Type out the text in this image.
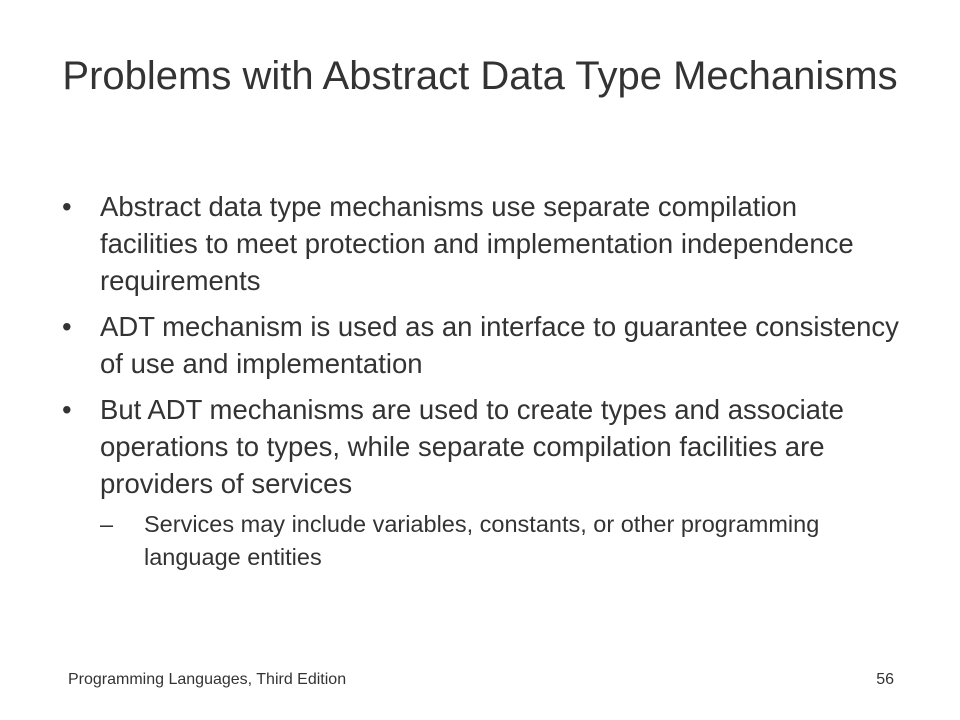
Problems with Abstract Data Type Mechanisms
• Abstract data type mechanisms use separate compilation facilities to meet protection and implementation independence requirements
• ADT mechanism is used as an interface to guarantee consistency of use and implementation
• But ADT mechanisms are used to create types and associate operations to types, while separate compilation facilities are providers of services
– Services may include variables, constants, or other programming language entities
Programming Languages, Third Edition	56
